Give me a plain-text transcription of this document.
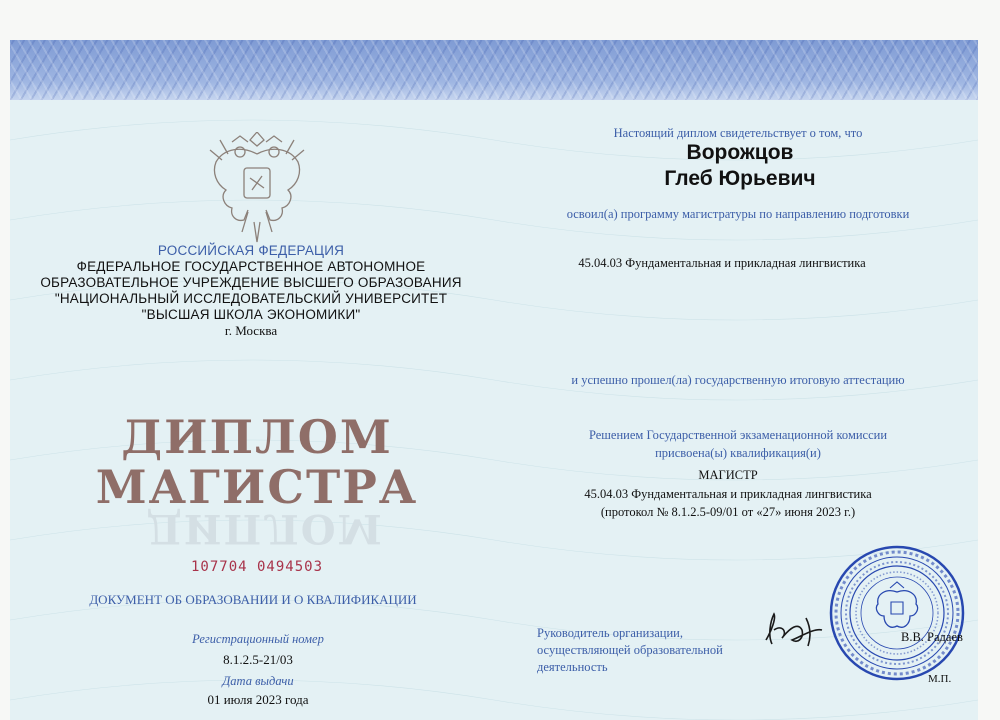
РОССИЙСКАЯ ФЕДЕРАЦИЯ
ФЕДЕРАЛЬНОЕ ГОСУДАРСТВЕННОЕ АВТОНОМНОЕ
ОБРАЗОВАТЕЛЬНОЕ УЧРЕЖДЕНИЕ ВЫСШЕГО ОБРАЗОВАНИЯ
"НАЦИОНАЛЬНЫЙ ИССЛЕДОВАТЕЛЬСКИЙ УНИВЕРСИТЕТ
"ВЫСШАЯ ШКОЛА ЭКОНОМИКИ"
г. Москва
ДИПЛОМ
МАГИСТРА
ДИПЛОМ
107704 0494503
ДОКУМЕНТ ОБ ОБРАЗОВАНИИ И О КВАЛИФИКАЦИИ
Регистрационный номер
8.1.2.5-21/03
Дата выдачи
01 июля 2023 года
Настоящий диплом свидетельствует о том, что
Ворожцов
Глеб Юрьевич
освоил(а) программу магистратуры по направлению подготовки
45.04.03 Фундаментальная и прикладная лингвистика
и успешно прошел(ла) государственную итоговую аттестацию
Решением Государственной экзаменационной комиссии
присвоена(ы) квалификация(и)
МАГИСТР
45.04.03 Фундаментальная и прикладная лингвистика
(протокол № 8.1.2.5-09/01 от «27» июня 2023 г.)
Руководитель организации,
осуществляющей образовательной
деятельность
В.В. Радаев
М.П.
